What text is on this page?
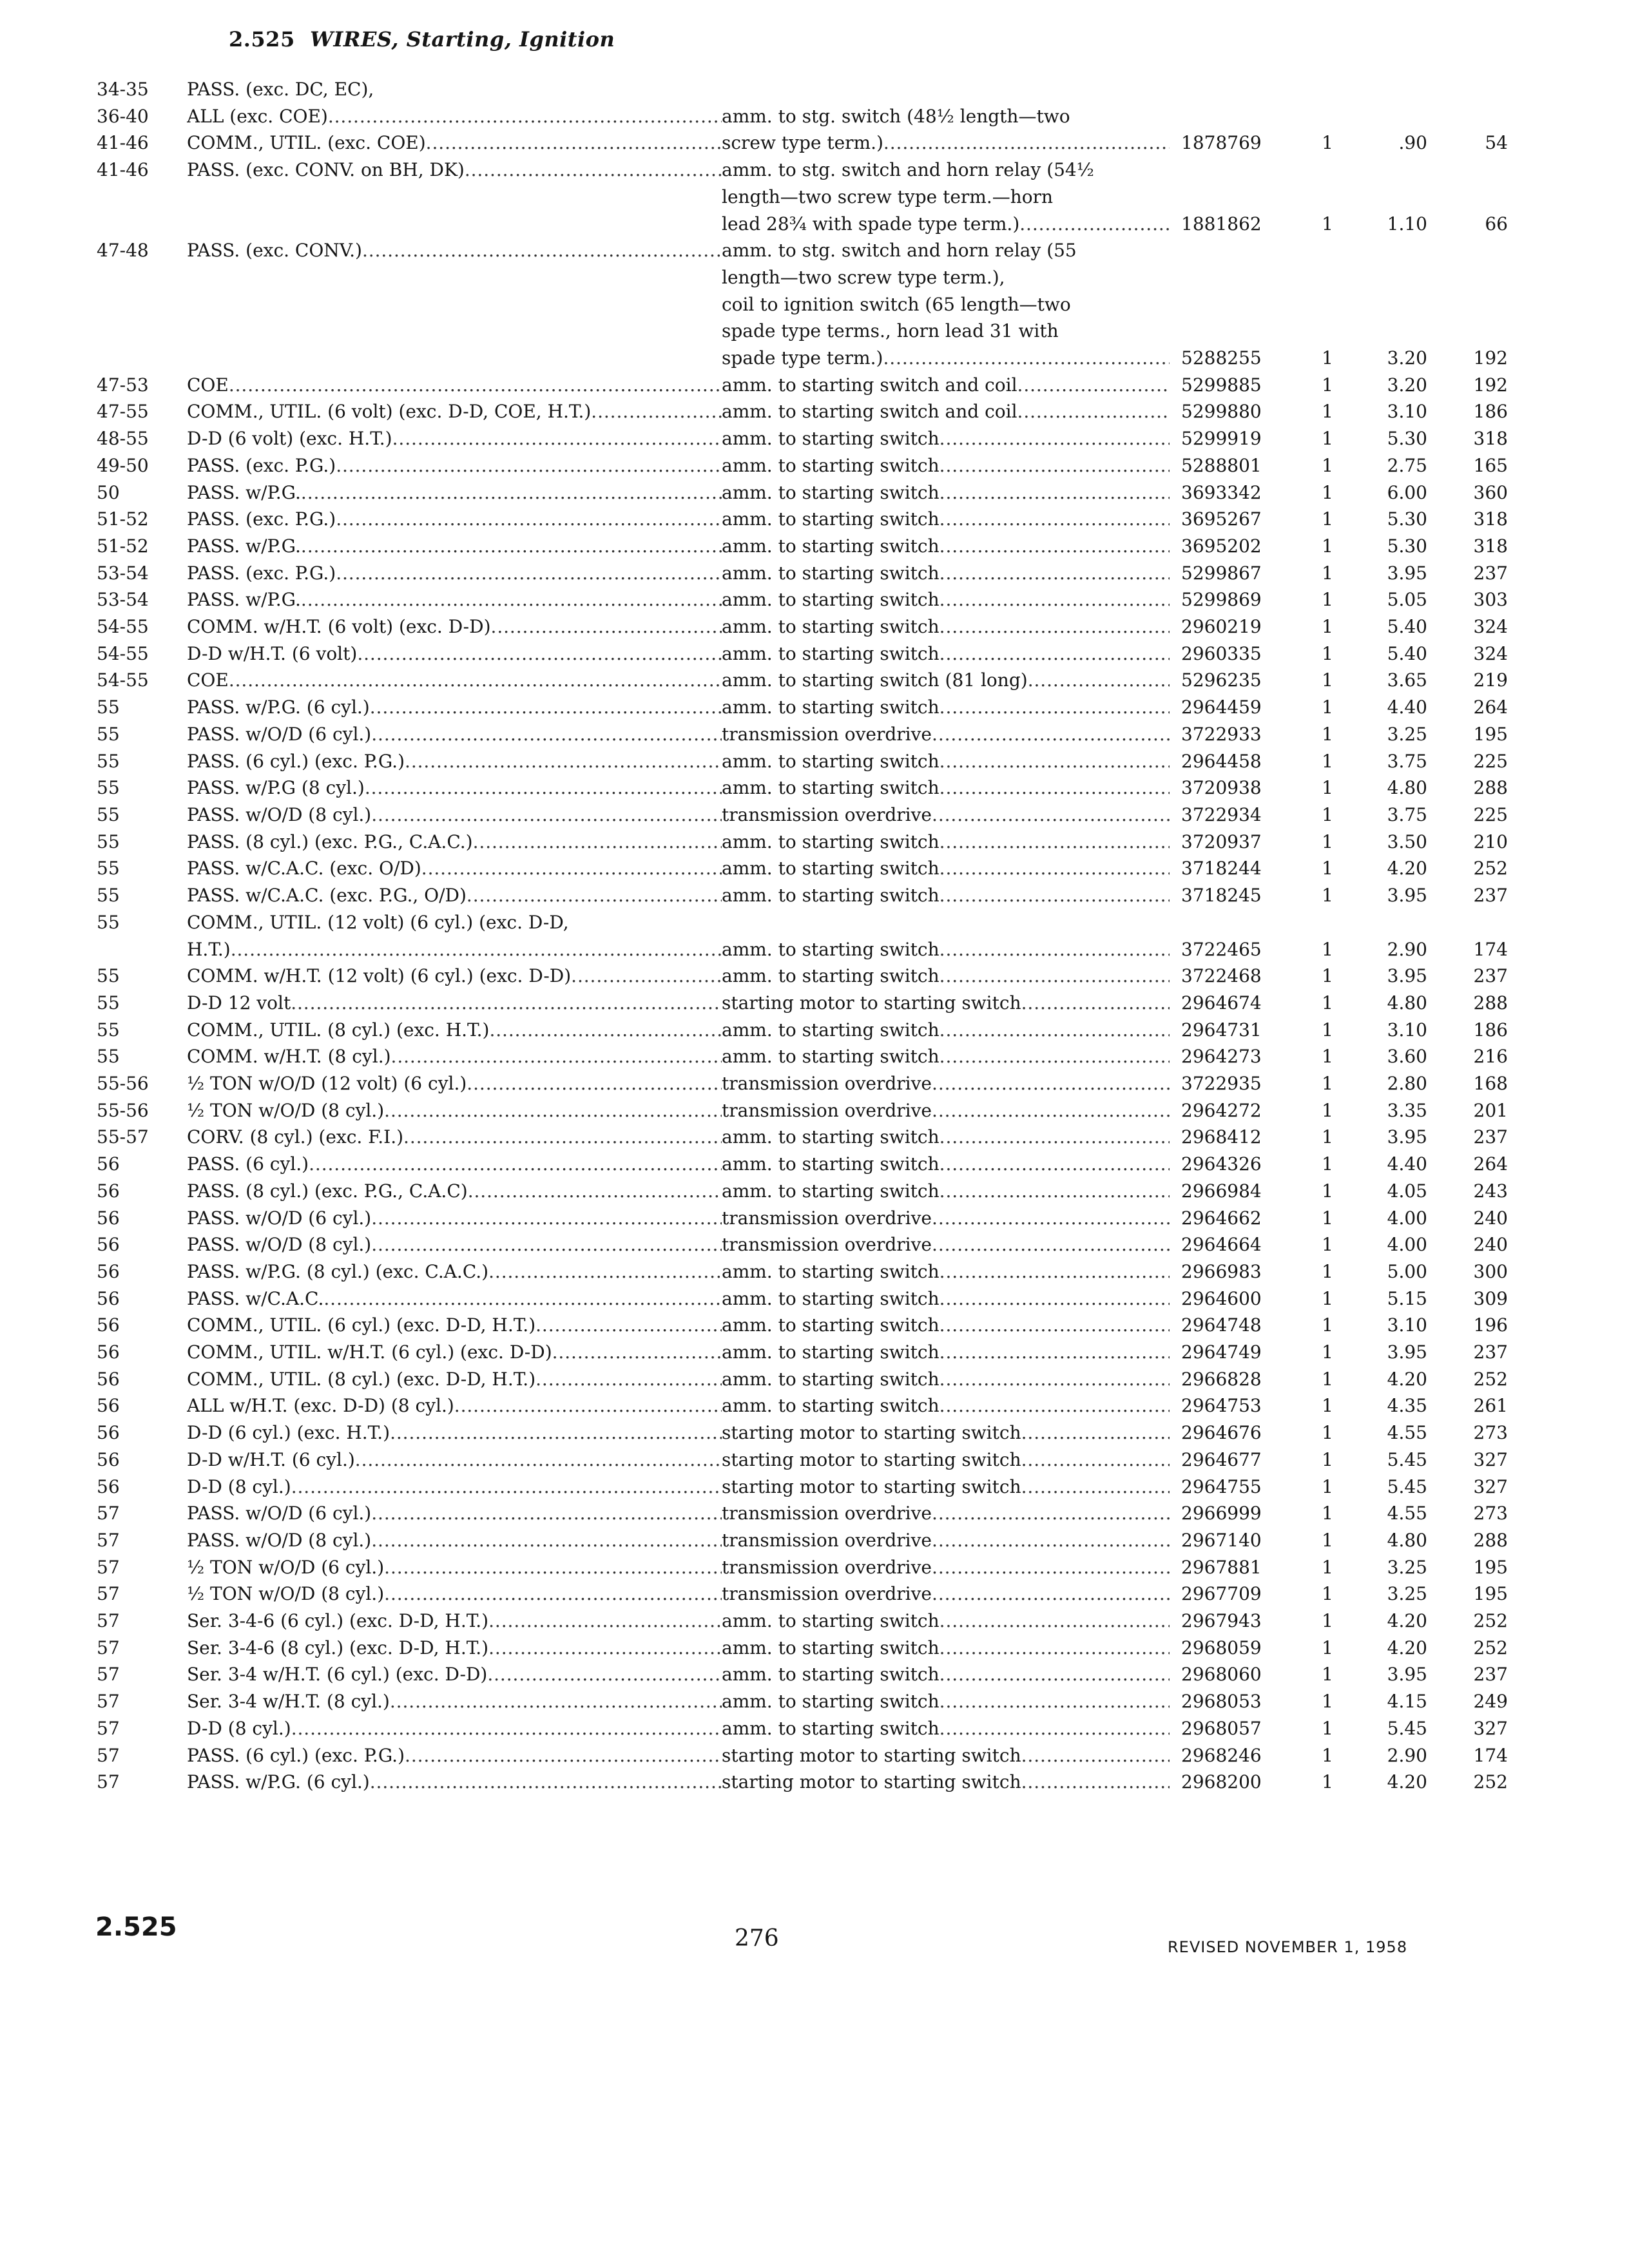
2.525 WIRES, Starting, Ignition
34-35	PASS. (exc. DC, EC),
36-40	ALL (exc. COE) . . .	amm. to stg. switch (48½ length—two
41-46	COMM., UTIL. (exc. COE) . . .	screw type term.) . . .	1878769	1	.90	54
41-46	PASS. (exc. CONV. on BH, DK) . . .	amm. to stg. switch and horn relay (54½
length—two screw type term.—horn
lead 28¾ with spade type term.) . . .	1881862	1	1.10	66
47-48	PASS. (exc. CONV.) . . .	amm. to stg. switch and horn relay (55
length—two screw type term.),
coil to ignition switch (65 length—two
spade type terms., horn lead 31 with
spade type term.) . . .	5288255	1	3.20	192
47-53	COE . . .	amm. to starting switch and coil . . .	5299885	1	3.20	192
47-55	COMM., UTIL. (6 volt) (exc. D-D, COE, H.T.) . . .	amm. to starting switch and coil . . .	5299880	1	3.10	186
48-55	D-D (6 volt) (exc. H.T.) . . .	amm. to starting switch . . .	5299919	1	5.30	318
49-50	PASS. (exc. P.G.) . . .	amm. to starting switch . . .	5288801	1	2.75	165
50	PASS. w/P.G. . . .	amm. to starting switch . . .	3693342	1	6.00	360
51-52	PASS. (exc. P.G.) . . .	amm. to starting switch . . .	3695267	1	5.30	318
51-52	PASS. w/P.G. . . .	amm. to starting switch . . .	3695202	1	5.30	318
53-54	PASS. (exc. P.G.) . . .	amm. to starting switch . . .	5299867	1	3.95	237
53-54	PASS. w/P.G. . . .	amm. to starting switch . . .	5299869	1	5.05	303
54-55	COMM. w/H.T. (6 volt) (exc. D-D) . . .	amm. to starting switch . . .	2960219	1	5.40	324
54-55	D-D w/H.T. (6 volt) . . .	amm. to starting switch . . .	2960335	1	5.40	324
54-55	COE . . .	amm. to starting switch (81 long) . . .	5296235	1	3.65	219
55	PASS. w/P.G. (6 cyl.) . . .	amm. to starting switch . . .	2964459	1	4.40	264
55	PASS. w/O/D (6 cyl.) . . .	transmission overdrive . . .	3722933	1	3.25	195
55	PASS. (6 cyl.) (exc. P.G.) . . .	amm. to starting switch . . .	2964458	1	3.75	225
55	PASS. w/P.G (8 cyl.) . . .	amm. to starting switch . . .	3720938	1	4.80	288
55	PASS. w/O/D (8 cyl.) . . .	transmission overdrive . . .	3722934	1	3.75	225
55	PASS. (8 cyl.) (exc. P.G., C.A.C.) . . .	amm. to starting switch . . .	3720937	1	3.50	210
55	PASS. w/C.A.C. (exc. O/D) . . .	amm. to starting switch . . .	3718244	1	4.20	252
55	PASS. w/C.A.C. (exc. P.G., O/D) . . .	amm. to starting switch . . .	3718245	1	3.95	237
55	COMM., UTIL. (12 volt) (6 cyl.) (exc. D-D,
H.T.) . . .	amm. to starting switch . . .	3722465	1	2.90	174
55	COMM. w/H.T. (12 volt) (6 cyl.) (exc. D-D) . . .	amm. to starting switch . . .	3722468	1	3.95	237
55	D-D 12 volt . . .	starting motor to starting switch . . .	2964674	1	4.80	288
55	COMM., UTIL. (8 cyl.) (exc. H.T.) . . .	amm. to starting switch . . .	2964731	1	3.10	186
55	COMM. w/H.T. (8 cyl.) . . .	amm. to starting switch . . .	2964273	1	3.60	216
55-56	½ TON w/O/D (12 volt) (6 cyl.) . . .	transmission overdrive . . .	3722935	1	2.80	168
55-56	½ TON w/O/D (8 cyl.) . . .	transmission overdrive . . .	2964272	1	3.35	201
55-57	CORV. (8 cyl.) (exc. F.I.) . . .	amm. to starting switch . . .	2968412	1	3.95	237
56	PASS. (6 cyl.) . . .	amm. to starting switch . . .	2964326	1	4.40	264
56	PASS. (8 cyl.) (exc. P.G., C.A.C) . . .	amm. to starting switch . . .	2966984	1	4.05	243
56	PASS. w/O/D (6 cyl.) . . .	transmission overdrive . . .	2964662	1	4.00	240
56	PASS. w/O/D (8 cyl.) . . .	transmission overdrive . . .	2964664	1	4.00	240
56	PASS. w/P.G. (8 cyl.) (exc. C.A.C.) . . .	amm. to starting switch . . .	2966983	1	5.00	300
56	PASS. w/C.A.C. . . .	amm. to starting switch . . .	2964600	1	5.15	309
56	COMM., UTIL. (6 cyl.) (exc. D-D, H.T.) . . .	amm. to starting switch . . .	2964748	1	3.10	196
56	COMM., UTIL. w/H.T. (6 cyl.) (exc. D-D) . . .	amm. to starting switch . . .	2964749	1	3.95	237
56	COMM., UTIL. (8 cyl.) (exc. D-D, H.T.) . . .	amm. to starting switch . . .	2966828	1	4.20	252
56	ALL w/H.T. (exc. D-D) (8 cyl.) . . .	amm. to starting switch . . .	2964753	1	4.35	261
56	D-D (6 cyl.) (exc. H.T.) . . .	starting motor to starting switch . . .	2964676	1	4.55	273
56	D-D w/H.T. (6 cyl.) . . .	starting motor to starting switch . . .	2964677	1	5.45	327
56	D-D (8 cyl.) . . .	starting motor to starting switch . . .	2964755	1	5.45	327
57	PASS. w/O/D (6 cyl.) . . .	transmission overdrive . . .	2966999	1	4.55	273
57	PASS. w/O/D (8 cyl.) . . .	transmission overdrive . . .	2967140	1	4.80	288
57	½ TON w/O/D (6 cyl.) . . .	transmission overdrive . . .	2967881	1	3.25	195
57	½ TON w/O/D (8 cyl.) . . .	transmission overdrive . . .	2967709	1	3.25	195
57	Ser. 3-4-6 (6 cyl.) (exc. D-D, H.T.) . . .	amm. to starting switch . . .	2967943	1	4.20	252
57	Ser. 3-4-6 (8 cyl.) (exc. D-D, H.T.) . . .	amm. to starting switch . . .	2968059	1	4.20	252
57	Ser. 3-4 w/H.T. (6 cyl.) (exc. D-D) . . .	amm. to starting switch . . .	2968060	1	3.95	237
57	Ser. 3-4 w/H.T. (8 cyl.) . . .	amm. to starting switch . . .	2968053	1	4.15	249
57	D-D (8 cyl.) . . .	amm. to starting switch . . .	2968057	1	5.45	327
57	PASS. (6 cyl.) (exc. P.G.) . . .	starting motor to starting switch . . .	2968246	1	2.90	174
57	PASS. w/P.G. (6 cyl.) . . .	starting motor to starting switch . . .	2968200	1	4.20	252
2.525	276	REVISED NOVEMBER 1, 1958
